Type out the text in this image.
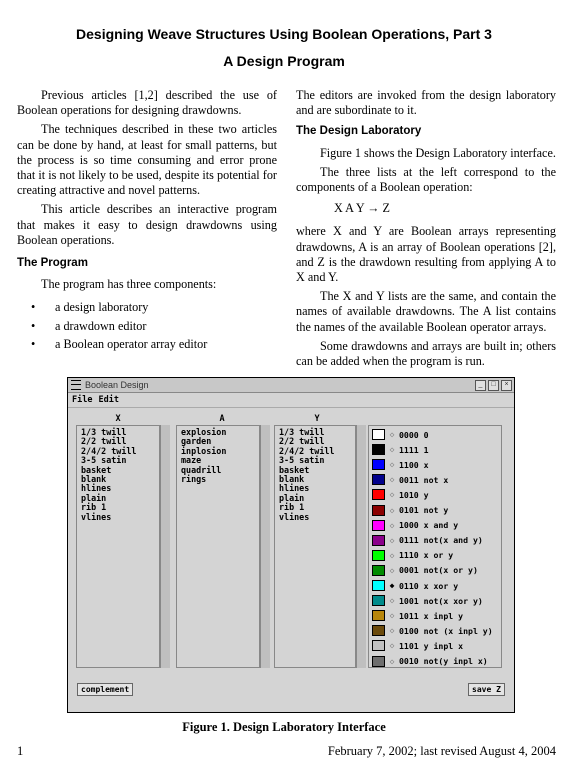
Designing Weave Structures Using Boolean Operations, Part 3
A Design Program

Previous articles [1,2] described the use of Boolean operations for designing drawdowns.

The techniques described in these two articles can be done by hand, at least for small patterns, but the process is so time consuming and error prone that it is not likely to be used, despite its potential for creating attractive and novel patterns.

This article describes an interactive program that makes it easy to design drawdowns using Boolean operations.

The Program

The program has three components:

• a design laboratory
• a drawdown editor
• a Boolean operator array editor

The editors are invoked from the design laboratory and are subordinate to it.

The Design Laboratory

Figure 1 shows the Design Laboratory interface.

The three lists at the left correspond to the components of a Boolean operation:

X A Y → Z

where X and Y are Boolean arrays representing drawdowns, A is an array of Boolean operations [2], and Z is the drawdown resulting from applying A to X and Y.

The X and Y lists are the same, and contain the names of available drawdowns. The A list contains the names of the available Boolean operator arrays.

Some drawdowns and arrays are built in; others can be added when the program is run.

Boolean Design	_	□	×
File Edit
X	A	Y
1/3 twill
2/2 twill
2/4/2 twill
3-5 satin
basket
blank
hlines
plain
rib 1
vlines
explosion
garden
inplosion
maze
quadrill
rings
1/3 twill
2/2 twill
2/4/2 twill
3-5 satin
basket
blank
hlines
plain
rib 1
vlines
◇ 0000 0
◇ 1111 1
◇ 1100 x
◇ 0011 not x
◇ 1010 y
◇ 0101 not y
◇ 1000 x and y
◇ 0111 not(x and y)
◇ 1110 x or y
◇ 0001 not(x or y)
◆ 0110 x xor y
◇ 1001 not(x xor y)
◇ 1011 x inpl y
◇ 0100 not (x inpl y)
◇ 1101 y inpl x
◇ 0010 not(y inpl x)
complement	save Z
Figure 1. Design Laboratory Interface
1	February 7, 2002; last revised August 4, 2004
